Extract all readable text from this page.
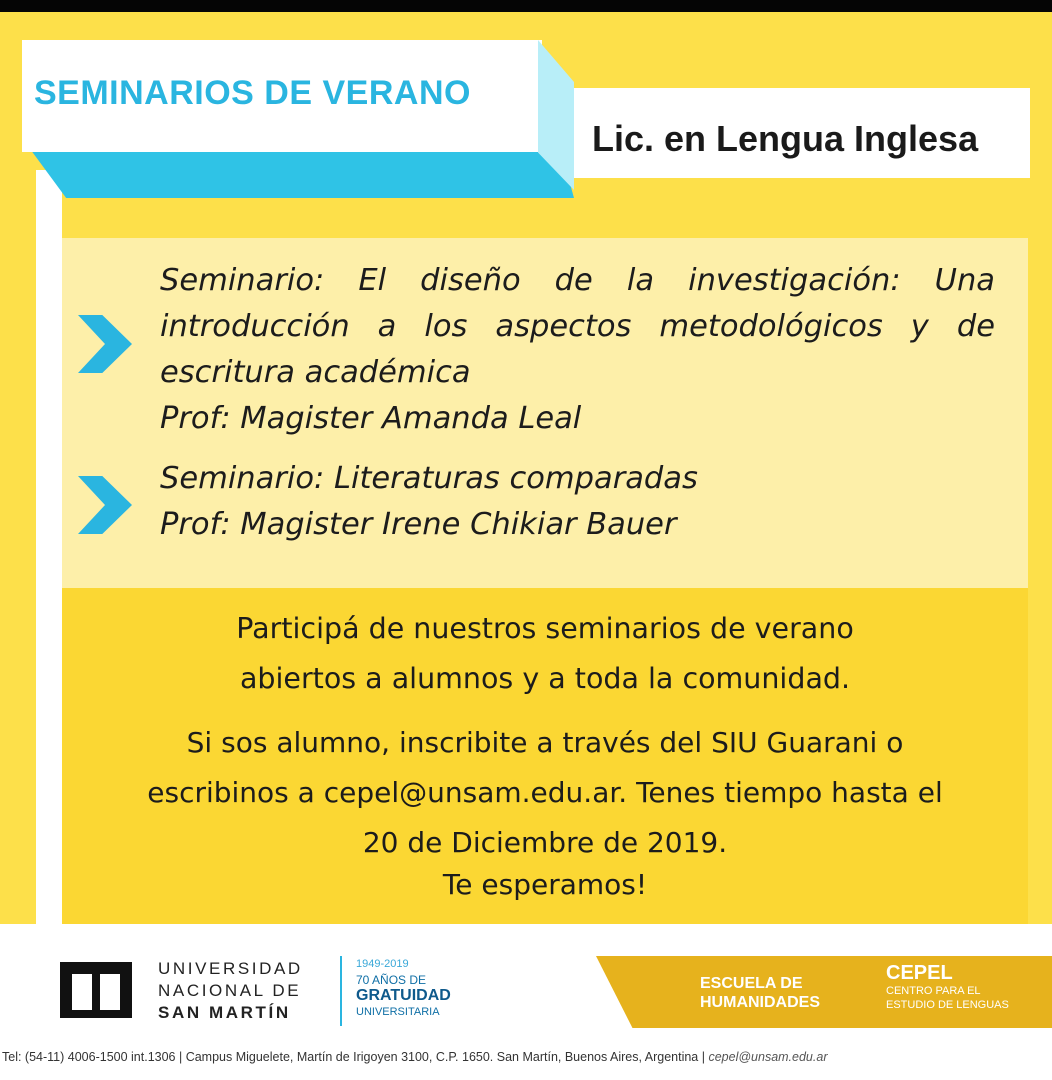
SEMINARIOS DE VERANO
Lic. en Lengua Inglesa
Seminario: El diseño de la investigación: Una
introducción a los aspectos metodológicos y de
escritura académica
Prof: Magister Amanda Leal
Seminario: Literaturas comparadas
Prof: Magister Irene Chikiar Bauer
Participá de nuestros seminarios de verano
abiertos a alumnos y a toda la comunidad.
Si sos alumno, inscribite a través del SIU Guarani o
escribinos a cepel@unsam.edu.ar. Tenes tiempo hasta el
20 de Diciembre de 2019.
Te esperamos!
UNIVERSIDAD
NACIONAL DE
SAN MARTÍN
1949-2019
70 AÑOS DE
GRATUIDAD
UNIVERSITARIA
ESCUELA DE
HUMANIDADES
CEPEL
CENTRO PARA EL
ESTUDIO DE LENGUAS
Tel: (54-11) 4006-1500 int.1306 | Campus Miguelete, Martín de Irigoyen 3100, C.P. 1650. San Martín, Buenos Aires, Argentina | cepel@unsam.edu.ar
